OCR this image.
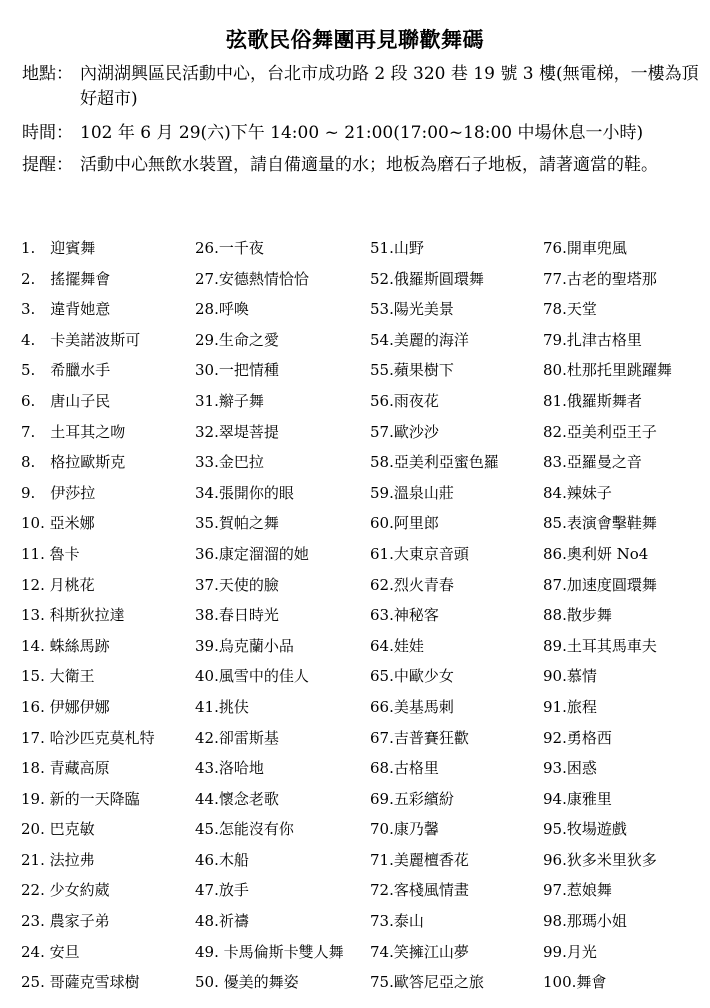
弦歌民俗舞團再見聯歡舞碼
地點： 內湖湖興區民活動中心，台北市成功路 2 段 320 巷 19 號 3 樓(無電梯，一樓為頂好超市)
時間： 102 年 6 月 29(六)下午 14:00 ~ 21:00(17:00~18:00 中場休息一小時)
提醒： 活動中心無飲水裝置，請自備適量的水；地板為磨石子地板，請著適當的鞋。
1.　迎賓舞
2.　搖擺舞會
3.　違背她意
4.　卡美諾波斯可
5.　希臘水手
6.　唐山子民
7.　土耳其之吻
8.　格拉歐斯克
9.　伊莎拉
10. 亞米娜
11. 魯卡
12. 月桃花
13. 科斯狄拉達
14. 蛛絲馬跡
15. 大衛王
16. 伊娜伊娜
17. 哈沙匹克莫札特
18. 青藏高原
19. 新的一天降臨
20. 巴克敏
21. 法拉弗
22. 少女約葳
23. 農家子弟
24. 安旦
25. 哥薩克雪球樹
26.一千夜
27.安德熱情恰恰
28.呼喚
29.生命之愛
30.一把情種
31.辮子舞
32.翠堤菩提
33.金巴拉
34.張開你的眼
35.賀帕之舞
36.康定溜溜的她
37.天使的臉
38.春日時光
39.烏克蘭小品
40.風雪中的佳人
41.挑伕
42.卻雷斯基
43.洛哈地
44.懷念老歌
45.怎能沒有你
46.木船
47.放手
48.祈禱
49. 卡馬倫斯卡雙人舞
50. 優美的舞姿
51.山野
52.俄羅斯圓環舞
53.陽光美景
54.美麗的海洋
55.蘋果樹下
56.雨夜花
57.歐沙沙
58.亞美利亞蜜色羅
59.溫泉山莊
60.阿里郎
61.大東京音頭
62.烈火青春
63.神秘客
64.娃娃
65.中歐少女
66.美基馬刺
67.吉普賽狂歡
68.古格里
69.五彩繽紛
70.康乃馨
71.美麗檀香花
72.客棧風情畫
73.泰山
74.笑擁江山夢
75.歐答尼亞之旅
76.開車兜風
77.古老的聖塔那
78.天堂
79.扎津古格里
80.杜那托里跳躍舞
81.俄羅斯舞者
82.亞美利亞王子
83.亞羅曼之音
84.辣妹子
85.表演會擊鞋舞
86.奧利妍 No4
87.加速度圓環舞
88.散步舞
89.土耳其馬車夫
90.慕情
91.旅程
92.勇格西
93.困惑
94.康雅里
95.牧場遊戲
96.狄多米里狄多
97.惹娘舞
98.那瑪小姐
99.月光
100.舞會
